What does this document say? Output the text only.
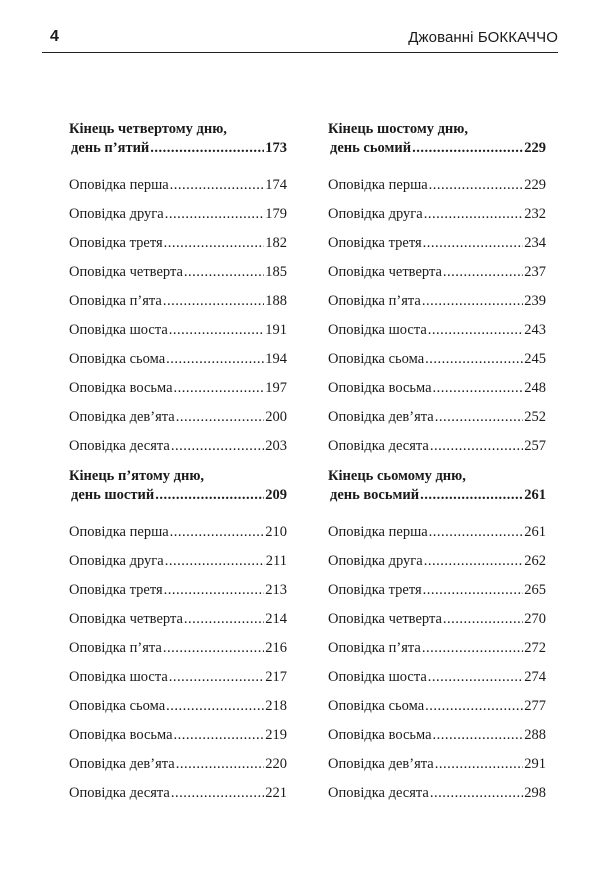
4	Джованні БОККАЧЧО
Кінець четвертому дню,
день п’ятий .....	173
Оповідка перша .....	174
Оповідка друга .....	179
Оповідка третя .....	182
Оповідка четверта .....	185
Оповідка п’ята .....	188
Оповідка шоста .....	191
Оповідка сьома .....	194
Оповідка восьма .....	197
Оповідка дев’ята .....	200
Оповідка десята .....	203
Кінець п’ятому дню,
день шостий .....	209
Оповідка перша .....	210
Оповідка друга .....	211
Оповідка третя .....	213
Оповідка четверта .....	214
Оповідка п’ята .....	216
Оповідка шоста .....	217
Оповідка сьома .....	218
Оповідка восьма .....	219
Оповідка дев’ята .....	220
Оповідка десята .....	221
Кінець шостому дню,
день сьомий .....	229
Оповідка перша .....	229
Оповідка друга .....	232
Оповідка третя .....	234
Оповідка четверта .....	237
Оповідка п’ята .....	239
Оповідка шоста .....	243
Оповідка сьома .....	245
Оповідка восьма .....	248
Оповідка дев’ята .....	252
Оповідка десята .....	257
Кінець сьомому дню,
день восьмий .....	261
Оповідка перша .....	261
Оповідка друга .....	262
Оповідка третя .....	265
Оповідка четверта .....	270
Оповідка п’ята .....	272
Оповідка шоста .....	274
Оповідка сьома .....	277
Оповідка восьма .....	288
Оповідка дев’ята .....	291
Оповідка десята .....	298
